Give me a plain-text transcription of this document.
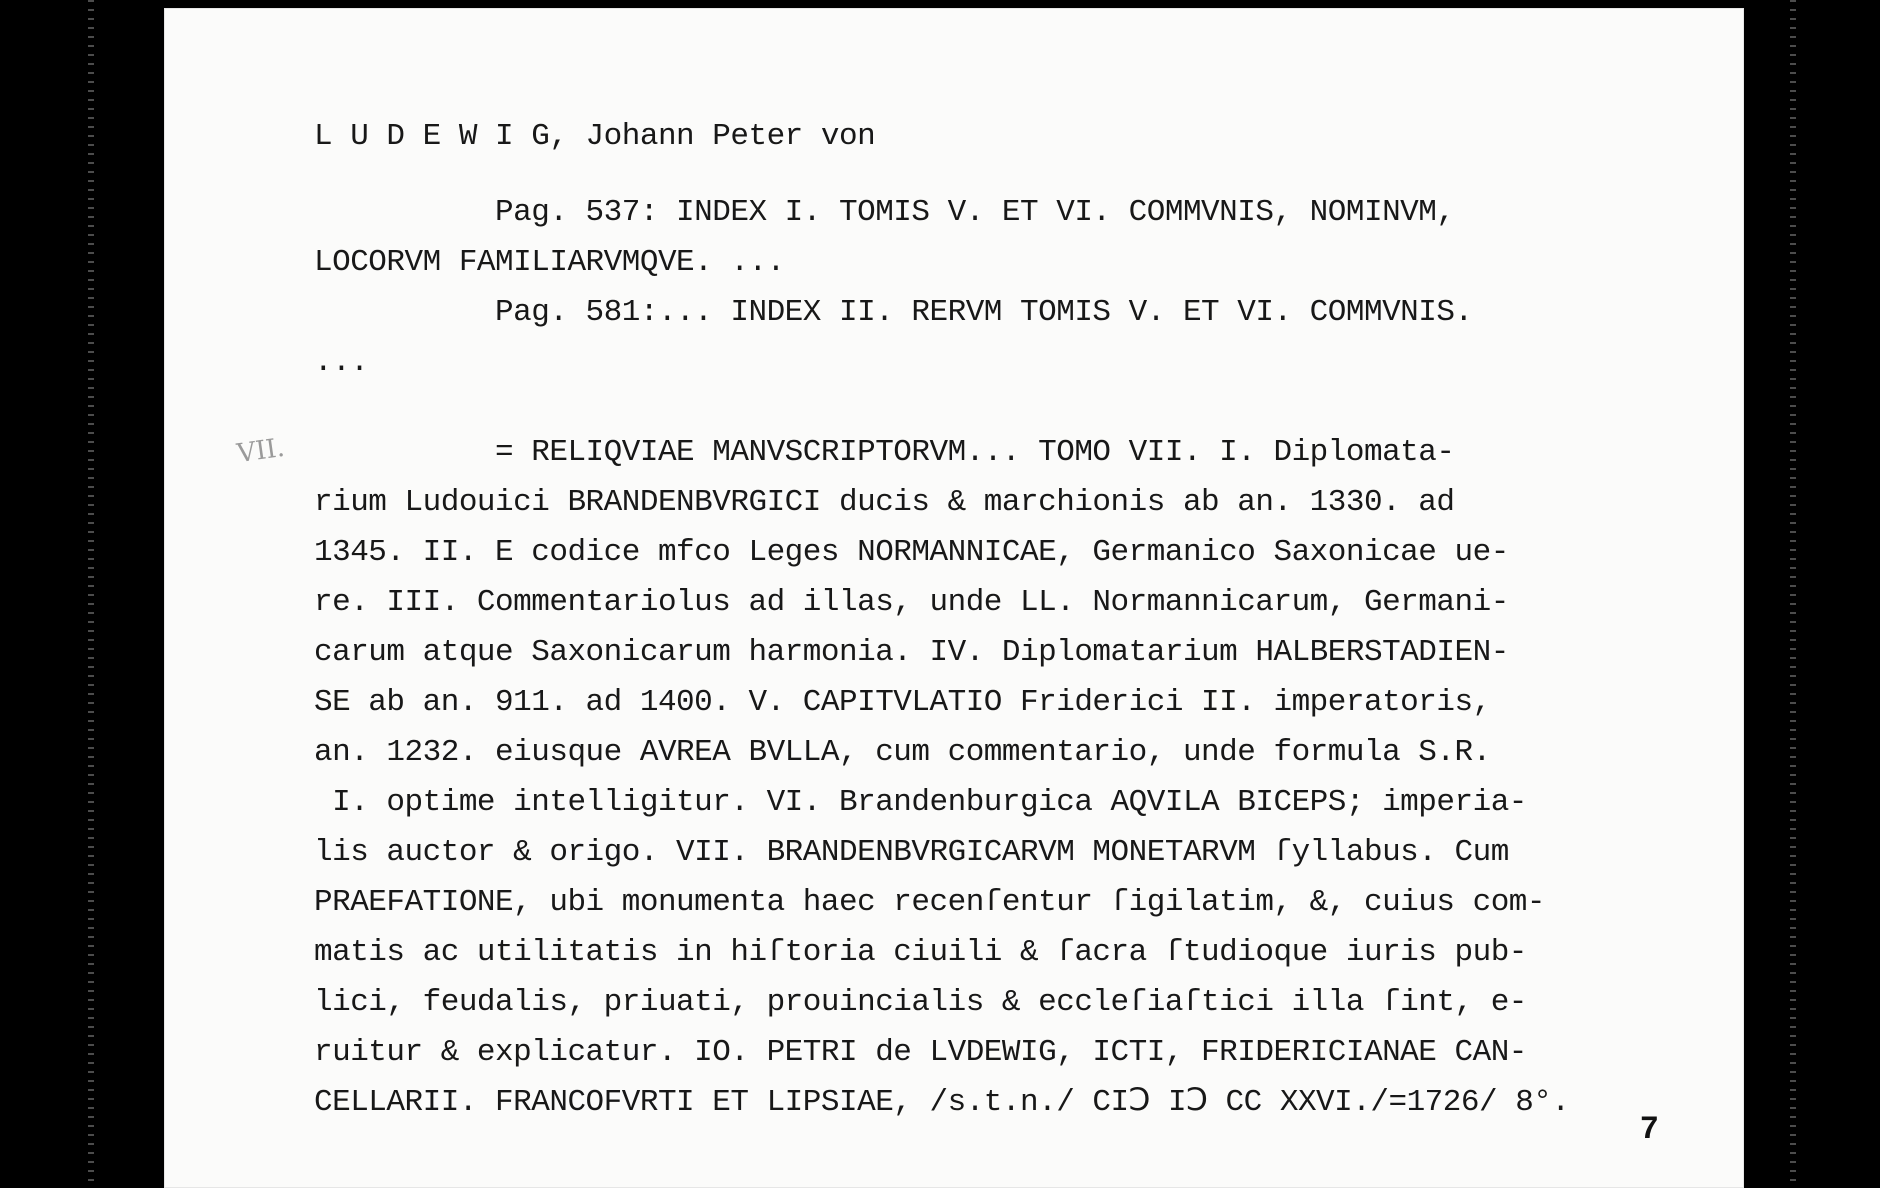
VII.
L U D E W I G, Johann Peter von
Pag. 537: INDEX I. TOMIS V. ET VI. COMMVNIS, NOMINVM,
LOCORVM FAMILIARVMQVE. ...
Pag. 581:... INDEX II. RERVM TOMIS V. ET VI. COMMVNIS.
...
= RELIQVIAE MANVSCRIPTORVM... TOMO VII. I. Diplomata-
rium Ludouici BRANDENBVRGICI ducis & marchionis ab an. 1330. ad
1345. II. E codice mfco Leges NORMANNICAE, Germanico Saxonicae ue-
re. III. Commentariolus ad illas, unde LL. Normannicarum, Germani-
carum atque Saxonicarum harmonia. IV. Diplomatarium HALBERSTADIEN-
SE ab an. 911. ad 1400. V. CAPITVLATIO Friderici II. imperatoris,
an. 1232. eiusque AVREA BVLLA, cum commentario, unde formula S.R.
I. optime intelligitur. VI. Brandenburgica AQVILA BICEPS; imperia-
lis auctor & origo. VII. BRANDENBVRGICARVM MONETARVM ſyllabus. Cum
PRAEFATIONE, ubi monumenta haec recenſentur ſigilatim, &, cuius com-
matis ac utilitatis in hiſtoria ciuili & ſacra ſtudioque iuris pub-
lici, feudalis, priuati, prouincialis & eccleſiaſtici illa ſint, e-
ruitur & explicatur. IO. PETRI de LVDEWIG, ICTI, FRIDERICIANAE CAN-
CELLARII. FRANCOFVRTI ET LIPSIAE, /s.t.n./ CIↃ IↃ CC XXVI./=1726/ 8°.
7
